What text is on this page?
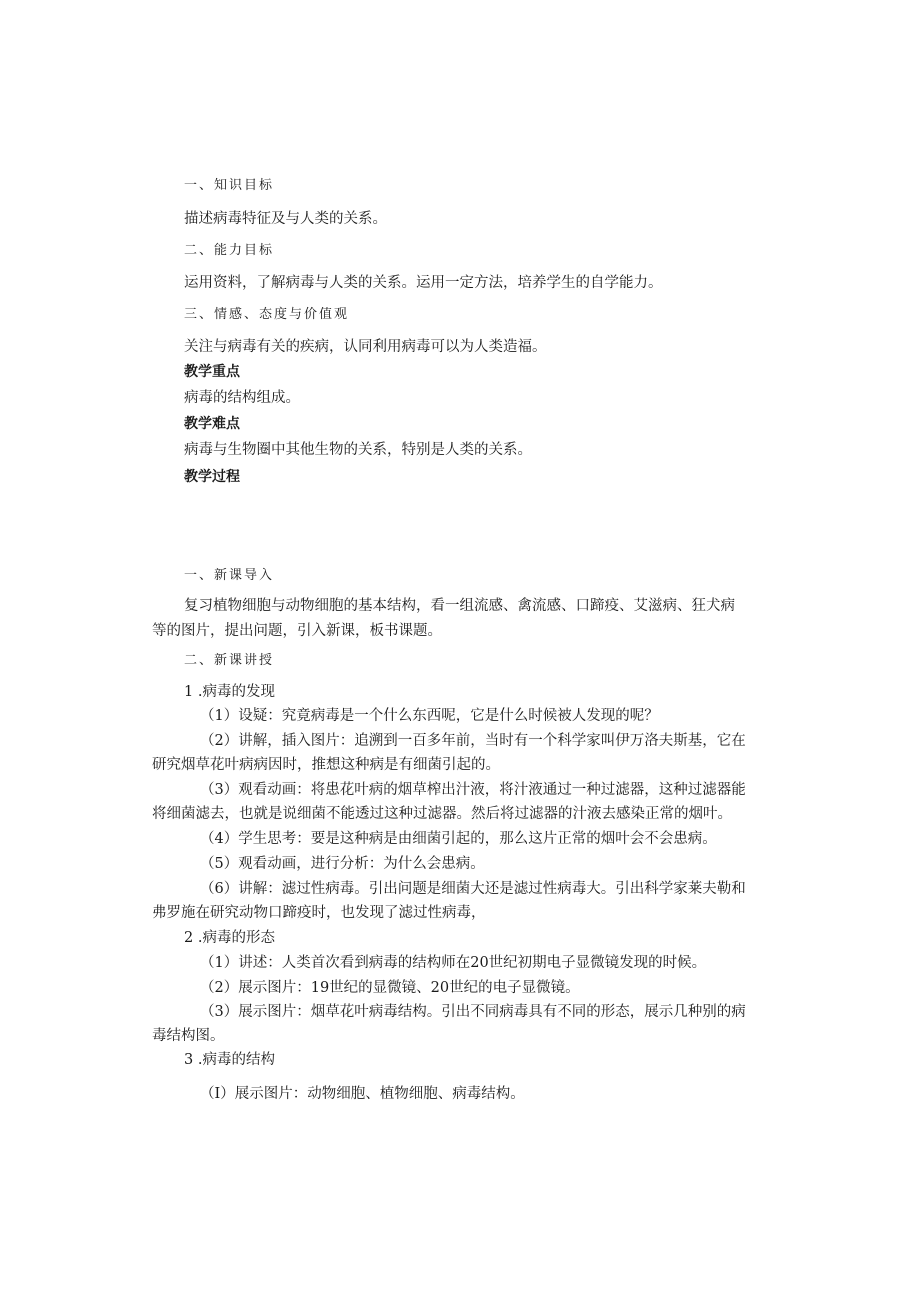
一、知识目标
描述病毒特征及与人类的关系。
二、能力目标
运用资料，了解病毒与人类的关系。运用一定方法，培养学生的自学能力。
三、情感、态度与价值观
关注与病毒有关的疾病，认同利用病毒可以为人类造福。
教学重点
病毒的结构组成。
教学难点
病毒与生物圈中其他生物的关系，特别是人类的关系。
教学过程
一、新课导入
复习植物细胞与动物细胞的基本结构，看一组流感、禽流感、口蹄疫、艾滋病、狂犬病
等的图片，提出问题，引入新课，板书课题。
二、新课讲授
1 .病毒的发现
（1）设疑：究竟病毒是一个什么东西呢，它是什么时候被人发现的呢？
（2）讲解，插入图片：追溯到一百多年前，当时有一个科学家叫伊万洛夫斯基，它在
研究烟草花叶病病因时，推想这种病是有细菌引起的。
（3）观看动画：将患花叶病的烟草榨出汁液，将汁液通过一种过滤器，这种过滤器能
将细菌滤去，也就是说细菌不能透过这种过滤器。然后将过滤器的汁液去感染正常的烟叶。
（4）学生思考：要是这种病是由细菌引起的，那么这片正常的烟叶会不会患病。
（5）观看动画，进行分析：为什么会患病。
（6）讲解：滤过性病毒。引出问题是细菌大还是滤过性病毒大。引出科学家莱夫勒和
弗罗施在研究动物口蹄疫时，也发现了滤过性病毒，
2 .病毒的形态
（1）讲述：人类首次看到病毒的结构师在20世纪初期电子显微镜发现的时候。
（2）展示图片：19世纪的显微镜、20世纪的电子显微镜。
（3）展示图片：烟草花叶病毒结构。引出不同病毒具有不同的形态，展示几种别的病
毒结构图。
3 .病毒的结构
（I）展示图片：动物细胞、植物细胞、病毒结构。
